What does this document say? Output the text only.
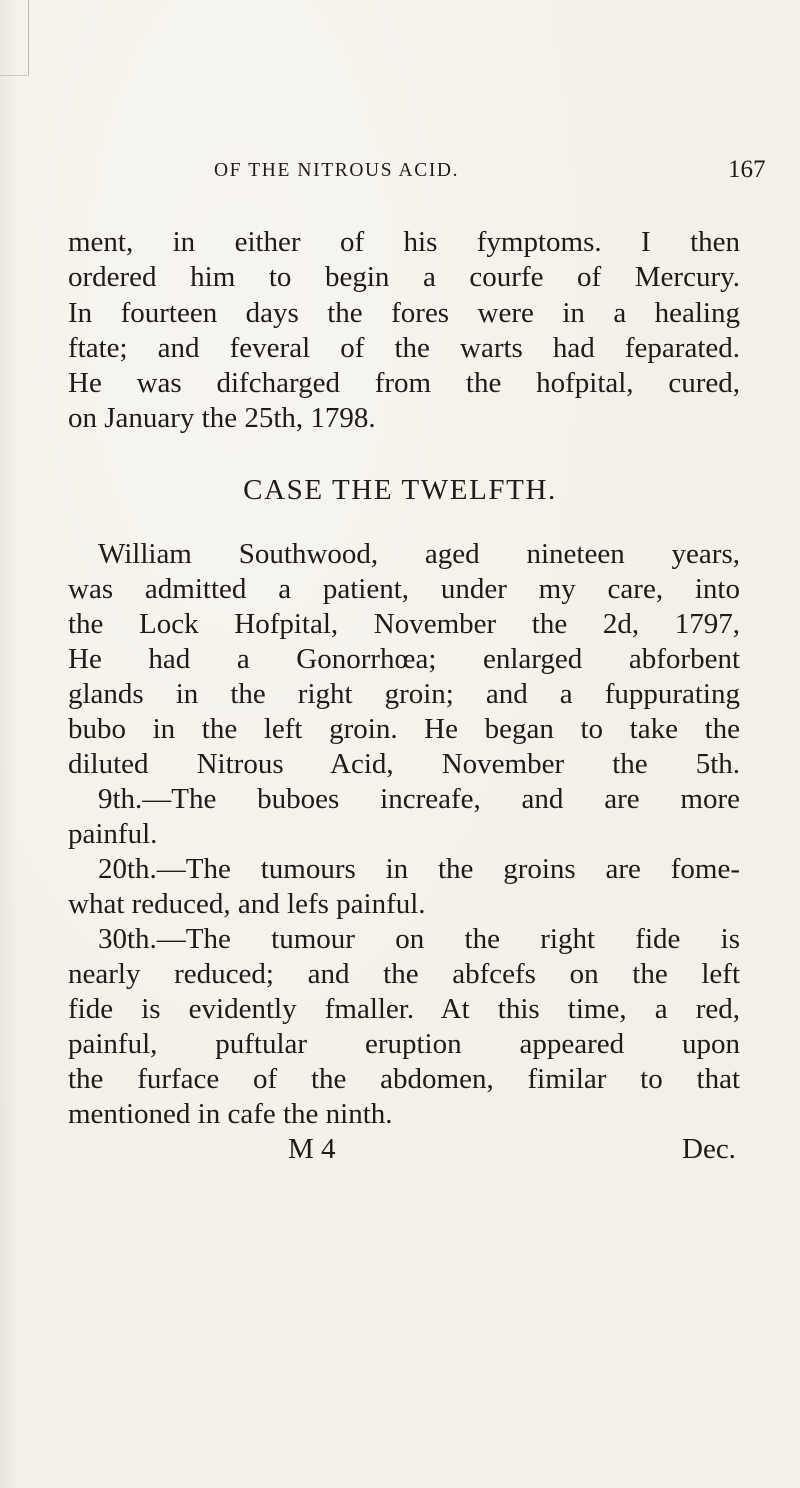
OF THE NITROUS ACID.	167
ment, in either of his fymptoms. I then
ordered him to begin a courfe of Mercury.
In fourteen days the fores were in a healing
ftate; and feveral of the warts had feparated.
He was difcharged from the hofpital, cured,
on January the 25th, 1798.
CASE THE TWELFTH.
William Southwood, aged nineteen years,
was admitted a patient, under my care, into
the Lock Hofpital, November the 2d, 1797,
He had a Gonorrhœa; enlarged abforbent
glands in the right groin; and a fuppurating
bubo in the left groin. He began to take the
diluted Nitrous Acid, November the 5th.
9th.—The buboes increafe, and are more
painful.
20th.—The tumours in the groins are fome-
what reduced, and lefs painful.
30th.—The tumour on the right fide is
nearly reduced; and the abfcefs on the left
fide is evidently fmaller. At this time, a red,
painful, puftular eruption appeared upon
the furface of the abdomen, fimilar to that
mentioned in cafe the ninth.
M 4	Dec.
